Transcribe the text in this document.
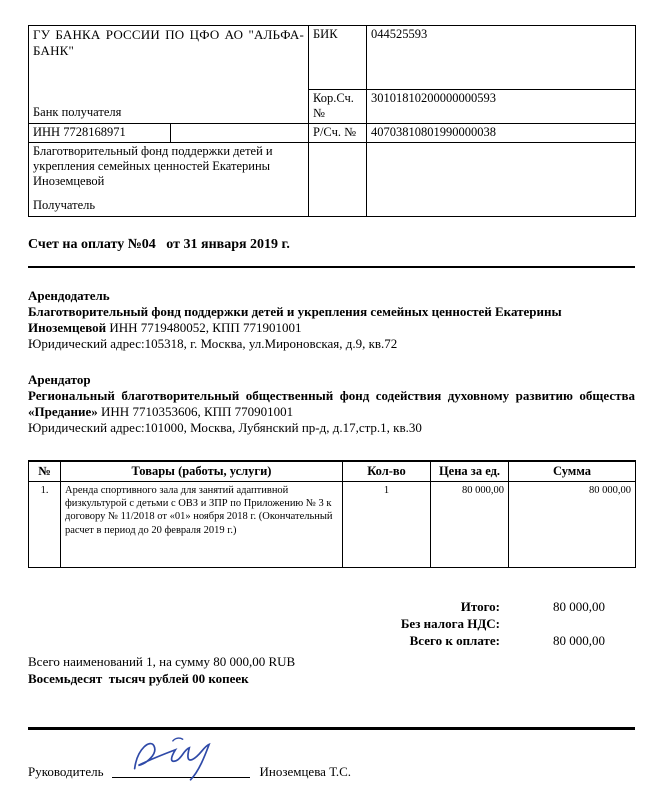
ГУ БАНКА РОССИИ ПО ЦФО АО "АЛЬФА-БАНК"
Банк получателя		БИК	044525593
		Кор.Сч. №	30101810200000000593
ИНН 7728168971		Р/Сч. №	40703810801990000038

Благотворительный фонд поддержки детей и укрепления семейных ценностей Екатерины Иноземцевой
Получатель			

Счет на оплату №04   от 31 января 2019 г.
Арендодатель
Благотворительный фонд поддержки детей и укрепления семейных ценностей Екатерины Иноземцевой ИНН 7719480052, КПП 771901001
Юридический адрес:105318, г. Москва, ул.Мироновская, д.9, кв.72
Арендатор
Региональный благотворительный общественный фонд содействия духовному развитию общества «Предание» ИНН 7710353606, КПП 770901001
Юридический адрес:101000, Москва, Лубянский пр-д, д.17,стр.1, кв.30
№	Товары (работы, услуги)	Кол-во	Цена за ед.	Сумма
1.	Аренда спортивного зала для занятий адаптивной физкультурой с детьми с ОВЗ и ЗПР по Приложению № 3 к договору № 11/2018 от «01» ноября 2018 г. (Окончательный расчет в период до 20 февраля 2019 г.)	1	80 000,00	80 000,00
Итого:	80 000,00
Без налога НДС:
Всего к оплате:	80 000,00
Всего наименований 1, на сумму 80 000,00 RUB
Восемьдесят  тысяч рублей 00 копеек
Руководитель	Иноземцева Т.С.
